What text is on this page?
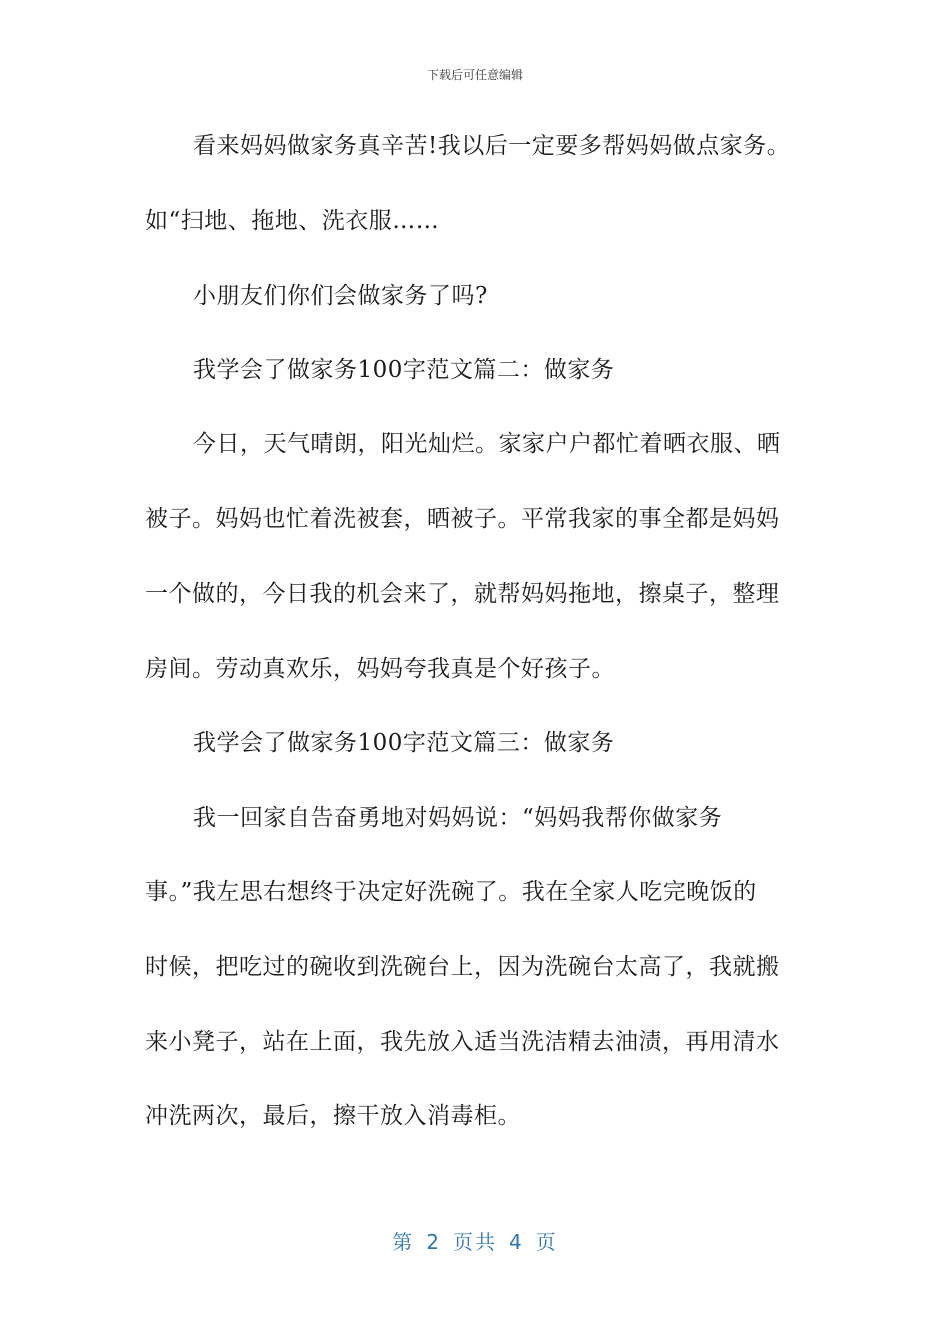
下载后可任意编辑
看来妈妈做家务真辛苦!我以后一定要多帮妈妈做点家务。
如“扫地、拖地、洗衣服……
小朋友们你们会做家务了吗?
我学会了做家务100字范文篇二：做家务
今日，天气晴朗，阳光灿烂。家家户户都忙着晒衣服、晒
被子。妈妈也忙着洗被套，晒被子。平常我家的事全都是妈妈
一个做的，今日我的机会来了，就帮妈妈拖地，擦桌子，整理
房间。劳动真欢乐，妈妈夸我真是个好孩子。
我学会了做家务100字范文篇三：做家务
我一回家自告奋勇地对妈妈说：“妈妈我帮你做家务
事。”我左思右想终于决定好洗碗了。我在全家人吃完晚饭的
时候，把吃过的碗收到洗碗台上，因为洗碗台太高了，我就搬
来小凳子，站在上面，我先放入适当洗洁精去油渍，再用清水
冲洗两次，最后，擦干放入消毒柜。
第 2 页共 4 页
